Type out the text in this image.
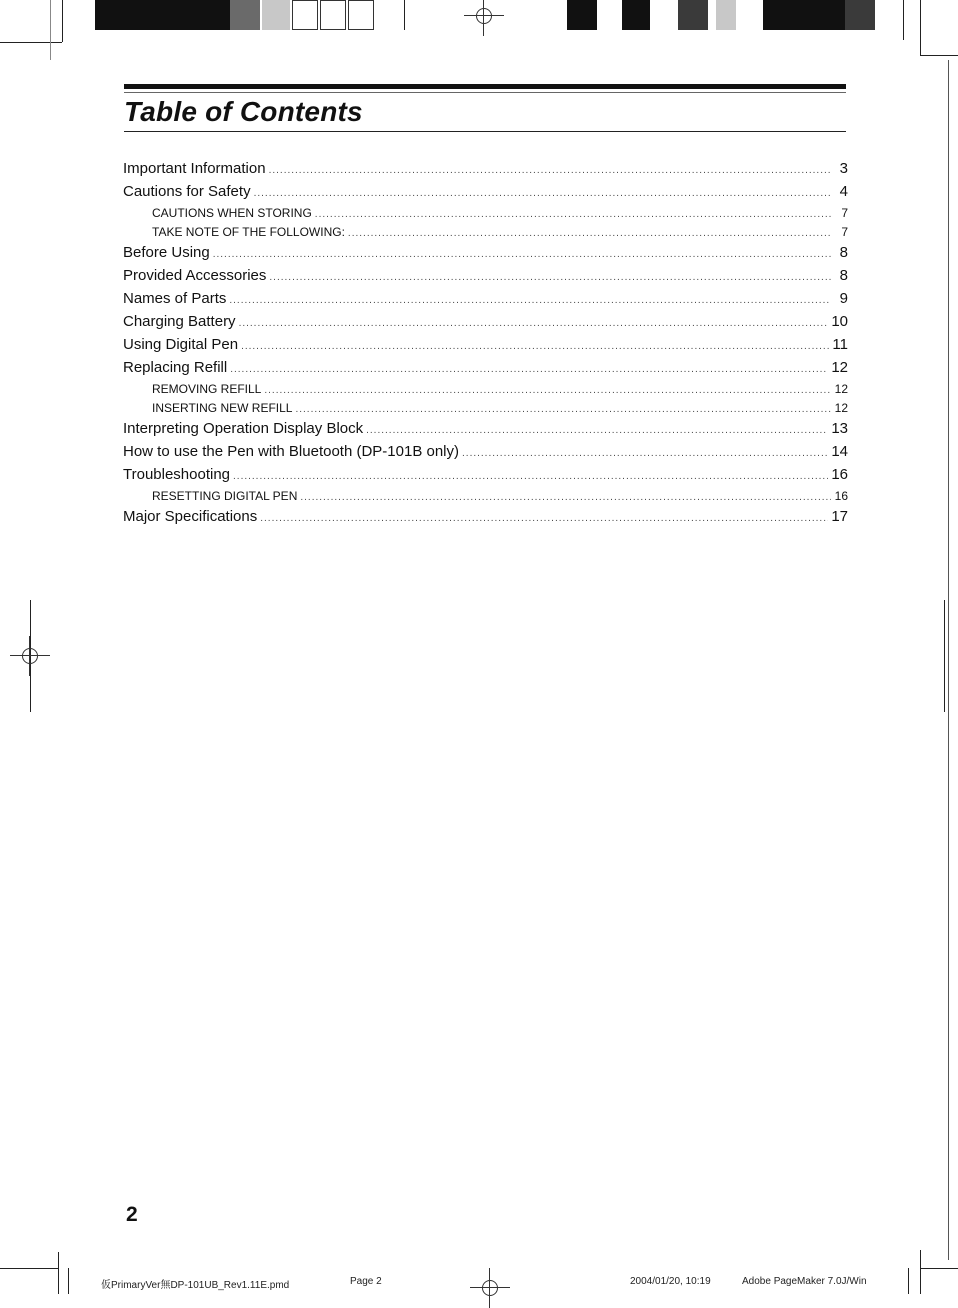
Table of Contents
Important Information .....	3
Cautions for Safety .....	4
CAUTIONS WHEN STORING .....	7
TAKE NOTE OF THE FOLLOWING: .....	7
Before Using .....	8
Provided Accessories .....	8
Names of Parts .....	9
Charging Battery .....	10
Using Digital Pen .....	11
Replacing Refill .....	12
REMOVING REFILL .....	12
INSERTING NEW REFILL .....	12
Interpreting Operation Display Block .....	13
How to use the Pen with Bluetooth (DP-101B only) .....	14
Troubleshooting .....	16
RESETTING DIGITAL PEN .....	16
Major Specifications .....	17
2
仮PrimaryVer無DP-101UB_Rev1.11E.pmd	Page 2	2004/01/20, 10:19	Adobe PageMaker 7.0J/Win
